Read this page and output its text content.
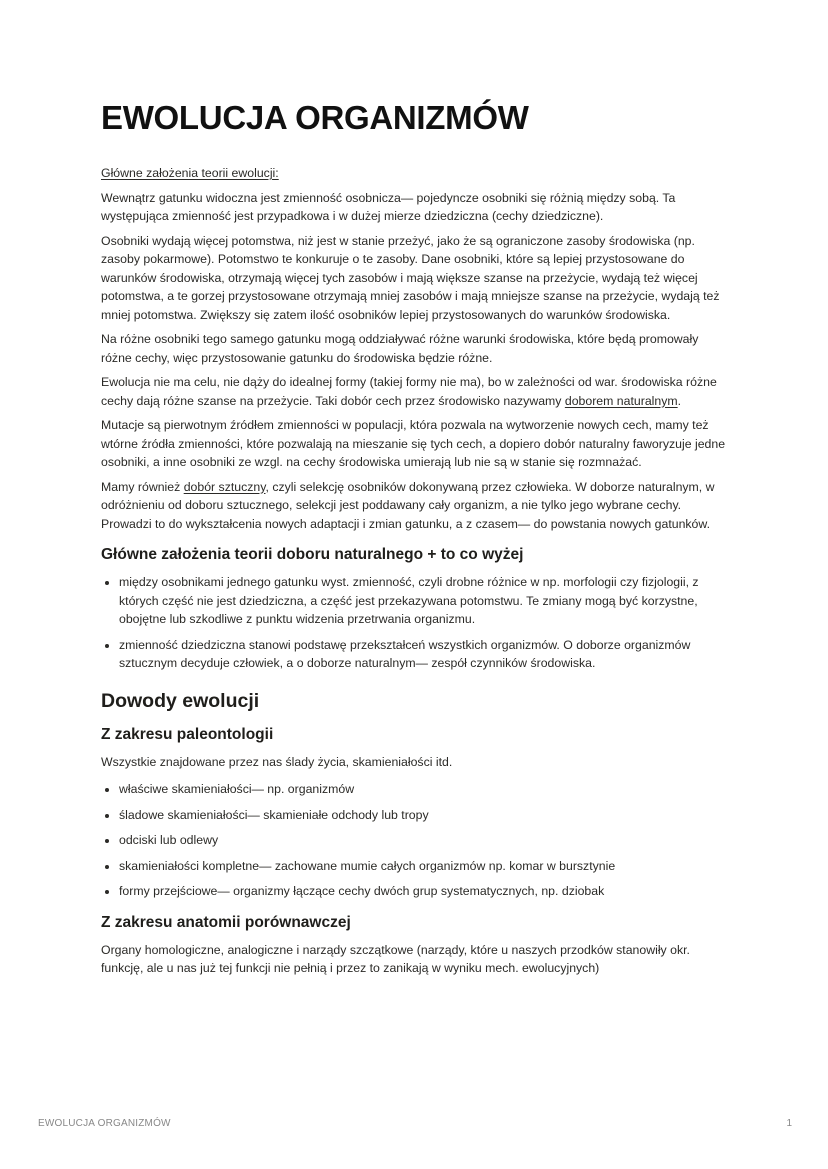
EWOLUCJA ORGANIZMÓW

Główne założenia teorii ewolucji:

Wewnątrz gatunku widoczna jest zmienność osobnicza— pojedyncze osobniki się różnią między sobą. Ta występująca zmienność jest przypadkowa i w dużej mierze dziedziczna (cechy dziedziczne).

Osobniki wydają więcej potomstwa, niż jest w stanie przeżyć, jako że są ograniczone zasoby środowiska (np. zasoby pokarmowe). Potomstwo te konkuruje o te zasoby. Dane osobniki, które są lepiej przystosowane do warunków środowiska, otrzymają więcej tych zasobów i mają większe szanse na przeżycie, wydają też więcej potomstwa, a te gorzej przystosowane otrzymają mniej zasobów i mają mniejsze szanse na przeżycie, wydają też mniej potomstwa. Zwiększy się zatem ilość osobników lepiej przystosowanych do warunków środowiska.

Na różne osobniki tego samego gatunku mogą oddziaływać różne warunki środowiska, które będą promowały różne cechy, więc przystosowanie gatunku do środowiska będzie różne.

Ewolucja nie ma celu, nie dąży do idealnej formy (takiej formy nie ma), bo w zależności od war. środowiska różne cechy dają różne szanse na przeżycie. Taki dobór cech przez środowisko nazywamy doborem naturalnym.

Mutacje są pierwotnym źródłem zmienności w populacji, która pozwala na wytworzenie nowych cech, mamy też wtórne źródła zmienności, które pozwalają na mieszanie się tych cech, a dopiero dobór naturalny faworyzuje jedne osobniki, a inne osobniki ze wzgl. na cechy środowiska umierają lub nie są w stanie się rozmnażać.

Mamy również dobór sztuczny, czyli selekcję osobników dokonywaną przez człowieka. W doborze naturalnym, w odróżnieniu od doboru sztucznego, selekcji jest poddawany cały organizm, a nie tylko jego wybrane cechy. Prowadzi to do wykształcenia nowych adaptacji i zmian gatunku, a z czasem— do powstania nowych gatunków.

Główne założenia teorii doboru naturalnego + to co wyżej
• między osobnikami jednego gatunku wyst. zmienność, czyli drobne różnice w np. morfologii czy fizjologii, z których część nie jest dziedziczna, a część jest przekazywana potomstwu. Te zmiany mogą być korzystne, obojętne lub szkodliwe z punktu widzenia przetrwania organizmu.
• zmienność dziedziczna stanowi podstawę przekształceń wszystkich organizmów. O doborze organizmów sztucznym decyduje człowiek, a o doborze naturalnym— zespół czynników środowiska.
Dowody ewolucji
Z zakresu paleontologii

Wszystkie znajdowane przez nas ślady życia, skamieniałości itd.

• właściwe skamieniałości— np. organizmów
• śladowe skamieniałości— skamieniałe odchody lub tropy
• odciski lub odlewy
• skamieniałości kompletne— zachowane mumie całych organizmów np. komar w bursztynie
• formy przejściowe— organizmy łączące cechy dwóch grup systematycznych, np. dziobak
Z zakresu anatomii porównawczej

Organy homologiczne, analogiczne i narządy szczątkowe (narządy, które u naszych przodków stanowiły okr. funkcję, ale u nas już tej funkcji nie pełnią i przez to zanikają w wyniku mech. ewolucyjnych)

EWOLUCJA ORGANIZMÓW	1
